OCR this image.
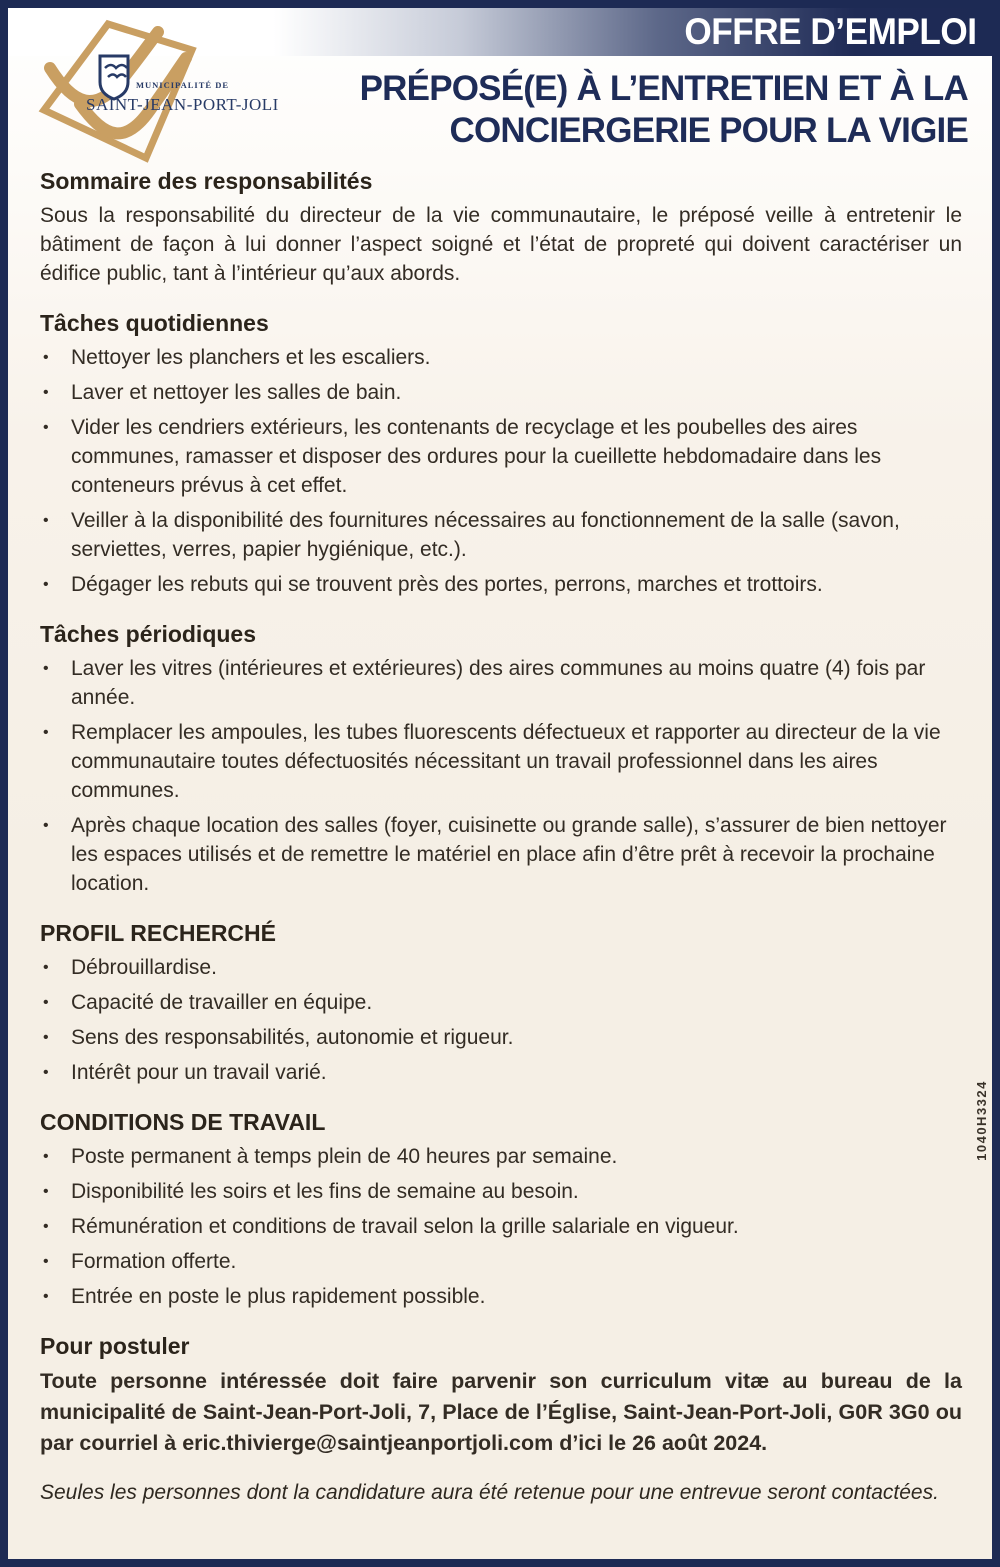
OFFRE D’EMPLOI
MUNICIPALITÉ DE
SAINT-JEAN-PORT-JOLI	PRÉPOSÉ(E) À L’ENTRETIEN ET À LA
CONCIERGERIE POUR LA VIGIE
Sommaire des responsabilités

Sous la responsabilité du directeur de la vie communautaire, le préposé veille à entretenir le bâtiment de façon à lui donner l’aspect soigné et l’état de propreté qui doivent caractériser un édifice public, tant à l’intérieur qu’aux abords.

Tâches quotidiennes
•
Nettoyer les planchers et les escaliers.
•
Laver et nettoyer les salles de bain.
•
Vider les cendriers extérieurs, les contenants de recyclage et les poubelles des aires communes, ramasser et disposer des ordures pour la cueillette hebdomadaire dans les conteneurs prévus à cet effet.
•
Veiller à la disponibilité des fournitures nécessaires au fonctionnement de la salle (savon, serviettes, verres, papier hygiénique, etc.).
•
Dégager les rebuts qui se trouvent près des portes, perrons, marches et trottoirs.
Tâches périodiques
•
Laver les vitres (intérieures et extérieures) des aires communes au moins quatre (4) fois par année.
•
Remplacer les ampoules, les tubes fluorescents défectueux et rapporter au directeur de la vie communautaire toutes défectuosités nécessitant un travail professionnel dans les aires communes.
•
Après chaque location des salles (foyer, cuisinette ou grande salle), s’assurer de bien nettoyer les espaces utilisés et de remettre le matériel en place afin d’être prêt à recevoir la prochaine location.
PROFIL RECHERCHÉ
•
Débrouillardise.
•
Capacité de travailler en équipe.
•
Sens des responsabilités, autonomie et rigueur.
•
Intérêt pour un travail varié.
CONDITIONS DE TRAVAIL
•
Poste permanent à temps plein de 40 heures par semaine.
•
Disponibilité les soirs et les fins de semaine au besoin.
•
Rémunération et conditions de travail selon la grille salariale en vigueur.
•
Formation offerte.
•
Entrée en poste le plus rapidement possible.
Pour postuler

Toute personne intéressée doit faire parvenir son curriculum vitæ au bureau de la municipalité de Saint-Jean-Port-Joli, 7, Place de l’Église, Saint-Jean-Port-Joli, G0R 3G0 ou par courriel à eric.thivierge@saintjeanportjoli.com d’ici le 26 août 2024.

Seules les personnes dont la candidature aura été retenue pour une entrevue seront contactées.
1040H3324
